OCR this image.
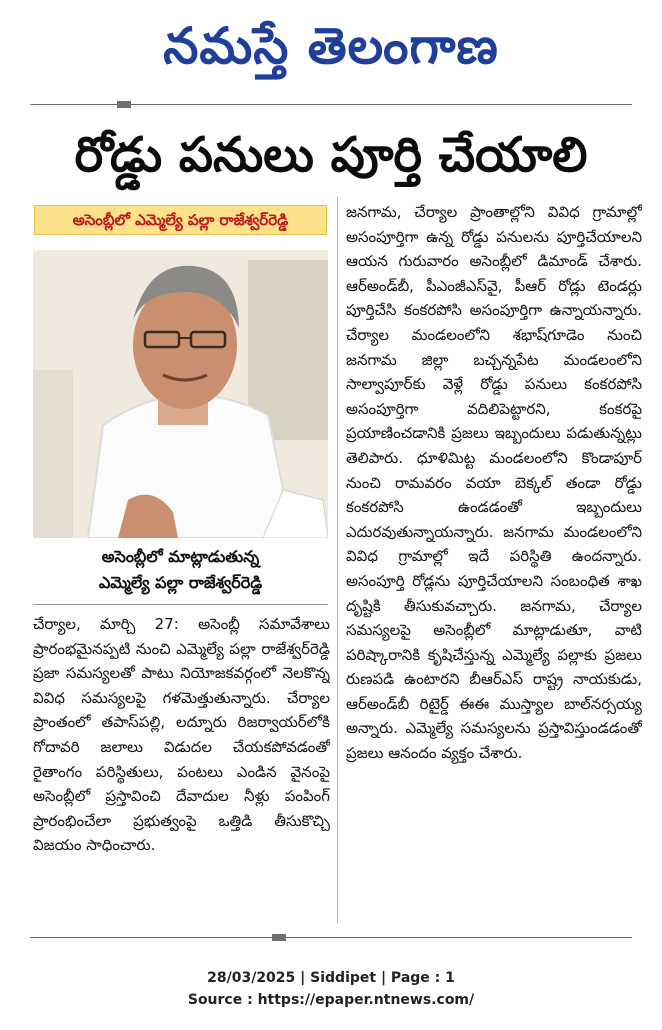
నమస్తే తెలంగాణ
రోడ్డు పనులు పూర్తి చేయాలి
అసెంబ్లీలో ఎమ్మెల్యే పల్లా రాజేశ్వర్‌రెడ్డి
అసెంబ్లీలో మాట్లాడుతున్న
ఎమ్మెల్యే పల్లా రాజేశ్వర్‌రెడ్డి

చేర్యాల, మార్చి 27: అసెంబ్లీ సమావేశాలు ప్రారంభమైనప్పటి నుంచి ఎమ్మెల్యే పల్లా రాజేశ్వర్‌రెడ్డి ప్రజా సమస్యలతో పాటు నియోజకవర్గంలో నెలకొన్న వివిధ సమస్యలపై గళమెత్తుతున్నారు. చేర్యాల ప్రాంతంలో తపాస్‌పల్లి, లద్నూరు రిజర్వాయర్‌లోకి గోదావరి జలాలు విడుదల చేయకపోవడంతో రైతాంగం పరిస్థితులు, పంటలు ఎండిన వైనంపై అసెంబ్లీలో ప్రస్తావించి దేవాదుల నీళ్లు పంపింగ్ ప్రారంభించేలా ప్రభుత్వంపై ఒత్తిడి తీసుకొచ్చి విజయం సాధించారు.

జనగామ, చేర్యాల ప్రాంతాల్లోని వివిధ గ్రామాల్లో అసంపూర్తిగా ఉన్న రోడ్డు పనులను పూర్తిచేయాలని ఆయన గురువారం అసెంబ్లీలో డిమాండ్ చేశారు. ఆర్‌అండ్‌బీ, పీఎంజీఎస్‌వై, పీఆర్ రోడ్లు టెండర్లు పూర్తిచేసి కంకరపోసి అసంపూర్తిగా ఉన్నాయన్నారు. చేర్యాల మండలంలోని శభాష్‌గూడెం నుంచి జనగామ జిల్లా బచ్చన్నపేట మండలంలోని సాల్వాపూర్‌కు వెళ్లే రోడ్డు పనులు కంకరపోసి అసంపూర్తిగా వదిలిపెట్టారని, కంకరపై ప్రయాణించడానికి ప్రజలు ఇబ్బందులు పడుతున్నట్లు తెలిపారు. ధూళిమిట్ట మండలంలోని కొండాపూర్ నుంచి రామవరం వయా బెక్కల్ తండా రోడ్డు కంకరపోసి ఉండడంతో ఇబ్బందులు ఎదురవుతున్నాయన్నారు. జనగామ మండలంలోని వివిధ గ్రామాల్లో ఇదే పరిస్థితి ఉందన్నారు. అసంపూర్తి రోడ్లను పూర్తిచేయాలని సంబంధిత శాఖ దృష్టికి తీసుకువచ్చారు. జనగామ, చేర్యాల సమస్యలపై అసెంబ్లీలో మాట్లాడుతూ, వాటి పరిష్కారానికి కృషిచేస్తున్న ఎమ్మెల్యే పల్లాకు ప్రజలు రుణపడి ఉంటారని బీఆర్‌ఎస్ రాష్ట్ర నాయకుడు, ఆర్‌అండ్‌బీ రిటైర్డ్ ఈఈ ముస్త్యాల బాల్‌నర్సయ్య అన్నారు. ఎమ్మెల్యే సమస్యలను ప్రస్తావిస్తుండడంతో ప్రజలు ఆనందం వ్యక్తం చేశారు.

28/03/2025 | Siddipet | Page : 1
Source : https://epaper.ntnews.com/
